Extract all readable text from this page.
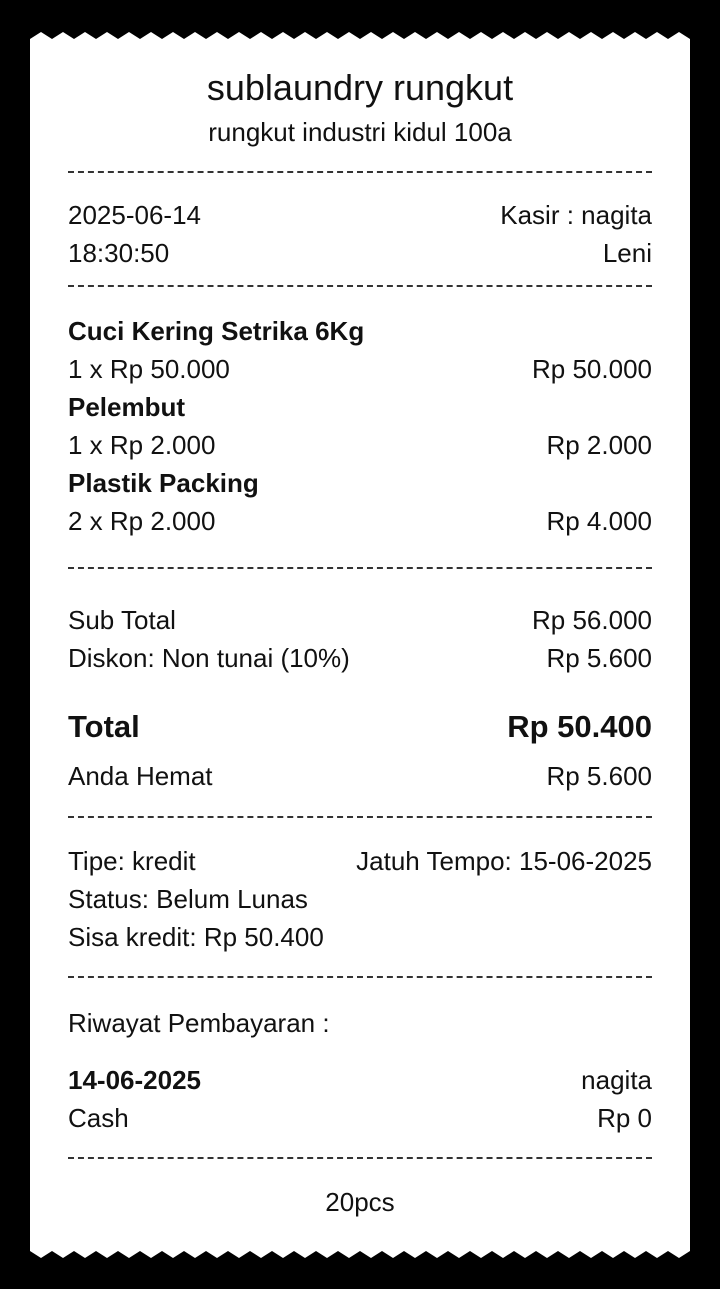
sublaundry rungkut
rungkut industri kidul 100a
2025-06-14	Kasir : nagita
18:30:50	Leni
Cuci Kering Setrika 6Kg
1 x Rp 50.000	Rp 50.000
Pelembut
1 x Rp 2.000	Rp 2.000
Plastik Packing
2 x Rp 2.000	Rp 4.000
Sub Total	Rp 56.000
Diskon: Non tunai (10%)	Rp 5.600
Total	Rp 50.400
Anda Hemat	Rp 5.600
Tipe: kredit	Jatuh Tempo: 15-06-2025
Status: Belum Lunas
Sisa kredit: Rp 50.400
Riwayat Pembayaran :
14-06-2025	nagita
Cash	Rp 0
20pcs
